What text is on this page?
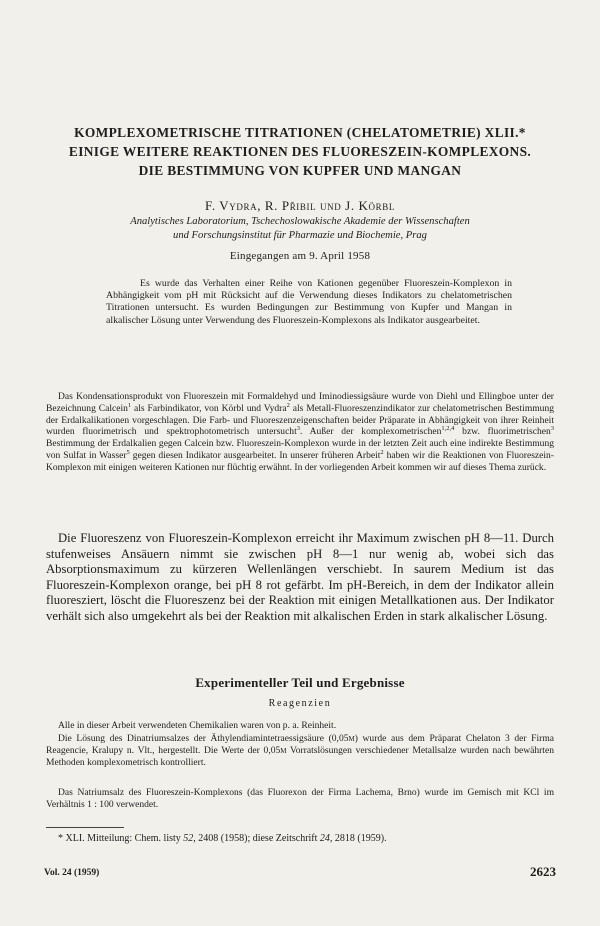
KOMPLEXOMETRISCHE TITRATIONEN (CHELATOMETRIE) XLII.*
EINIGE WEITERE REAKTIONEN DES FLUORESZEIN-KOMPLEXONS.
DIE BESTIMMUNG VON KUPFER UND MANGAN
F. Vydra, R. Přibil und J. Körbl
Analytisches Laboratorium, Tschechoslowakische Akademie der Wissenschaften
und Forschungsinstitut für Pharmazie und Biochemie, Prag
Eingegangen am 9. April 1958
Es wurde das Verhalten einer Reihe von Kationen gegenüber Fluoreszein-Komplexon in Abhängigkeit vom pH mit Rücksicht auf die Verwendung dieses Indikators zu chelatometrischen Titrationen untersucht. Es wurden Bedingungen zur Bestimmung von Kupfer und Mangan in alkalischer Lösung unter Verwendung des Fluoreszein-Komplexons als Indikator ausgearbeitet.
Das Kondensationsprodukt von Fluoreszein mit Formaldehyd und Iminodiessigsäure wurde von Diehl und Ellingboe unter der Bezeichnung Calcein$^1$ als Farbindikator, von Körbl und Vydra$^2$ als Metall-Fluoreszenzindikator zur chelatometrischen Bestimmung der Erdalkalikationen vorgeschlagen. Die Farb- und Fluoreszenzeigenschaften beider Präparate in Abhängigkeit von ihrer Reinheit wurden fluorimetrisch und spektrophotometrisch untersucht$^3$. Außer der komplexometrischen$^{1,2,4}$ bzw. fluorimetrischen$^3$ Bestimmung der Erdalkalien gegen Calcein bzw. Fluoreszein-Komplexon wurde in der letzten Zeit auch eine indirekte Bestimmung von Sulfat in Wasser$^5$ gegen diesen Indikator ausgearbeitet. In unserer früheren Arbeit$^2$ haben wir die Reaktionen von Fluoreszein-Komplexon mit einigen weiteren Kationen nur flüchtig erwähnt. In der vorliegenden Arbeit kommen wir auf dieses Thema zurück.
Die Fluoreszenz von Fluoreszein-Komplexon erreicht ihr Maximum zwischen pH 8—11. Durch stufenweises Ansäuern nimmt sie zwischen pH 8—1 nur wenig ab, wobei sich das Absorptionsmaximum zu kürzeren Wellenlängen verschiebt. In saurem Medium ist das Fluoreszein-Komplexon orange, bei pH 8 rot gefärbt. Im pH-Bereich, in dem der Indikator allein fluoresziert, löscht die Fluoreszenz bei der Reaktion mit einigen Metallkationen aus. Der Indikator verhält sich also umgekehrt als bei der Reaktion mit alkalischen Erden in stark alkalischer Lösung.
Experimenteller Teil und Ergebnisse
Reagenzien

Alle in dieser Arbeit verwendeten Chemikalien waren von p. a. Reinheit.

Die Lösung des Dinatriumsalzes der Äthylendiamintetraessigsäure (0,05m) wurde aus dem Präparat Chelaton 3 der Firma Reagencie, Kralupy n. Vlt., hergestellt. Die Werte der 0,05m Vorratslösungen verschiedener Metallsalze wurden nach bewährten Methoden komplexometrisch kontrolliert.

Das Natriumsalz des Fluoreszein-Komplexons (das Fluorexon der Firma Lachema, Brno) wurde im Gemisch mit KCl im Verhältnis 1 : 100 verwendet.

* XLI. Mitteilung: Chem. listy 52, 2408 (1958); diese Zeitschrift 24, 2818 (1959).
Vol. 24 (1959)	2623
